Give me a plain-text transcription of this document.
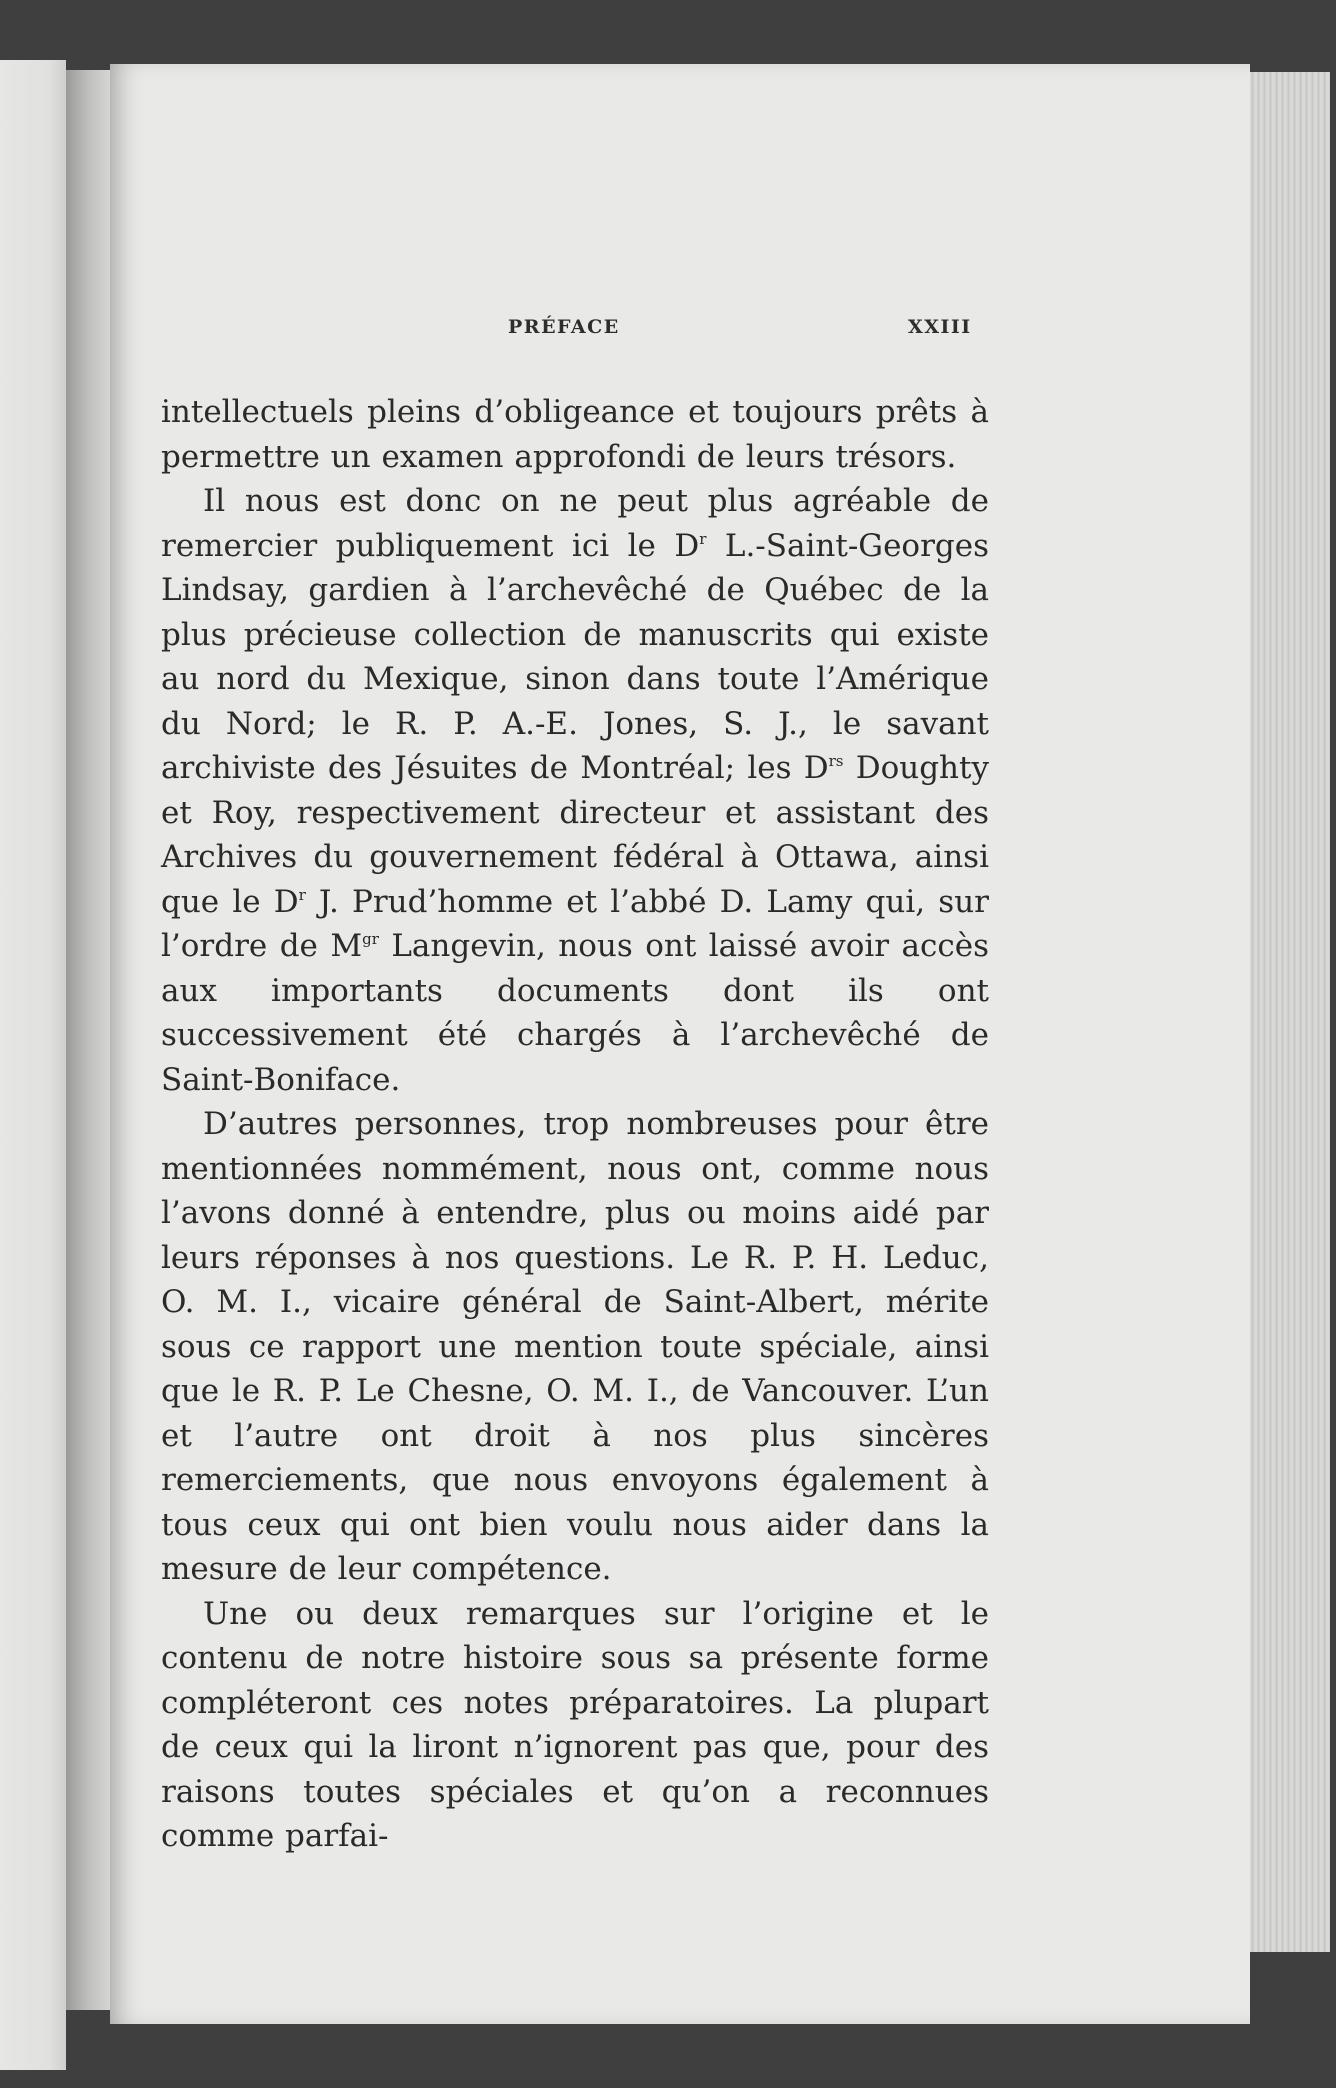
PRÉFACE	XXIII

intellectuels pleins d’obligeance et toujours prêts à permettre un examen approfondi de leurs trésors.

Il nous est donc on ne peut plus agréable de remercier publiquement ici le $D^r$ L.-Saint-Georges Lindsay, gardien à l’archevêché de Québec de la plus précieuse collection de manuscrits qui existe au nord du Mexique, sinon dans toute l’Amérique du Nord; le R. P. A.-E. Jones, S. J., le savant archiviste des Jésuites de Montréal; les $D^{rs}$ Doughty et Roy, respectivement directeur et assistant des Archives du gouvernement fédéral à Ottawa, ainsi que le $D^r$ J. Prud’homme et l’abbé D. Lamy qui, sur l’ordre de $M^{gr}$ Langevin, nous ont laissé avoir accès aux importants documents dont ils ont successivement été chargés à l’archevêché de Saint-Boniface.

D’autres personnes, trop nombreuses pour être mentionnées nommément, nous ont, comme nous l’avons donné à entendre, plus ou moins aidé par leurs réponses à nos questions. Le R. P. H. Leduc, O. M. I., vicaire général de Saint-Albert, mérite sous ce rapport une mention toute spéciale, ainsi que le R. P. Le Chesne, O. M. I., de Vancouver. L’un et l’autre ont droit à nos plus sincères remerciements, que nous envoyons également à tous ceux qui ont bien voulu nous aider dans la mesure de leur compétence.

Une ou deux remarques sur l’origine et le contenu de notre histoire sous sa présente forme compléteront ces notes préparatoires. La plupart de ceux qui la liront n’ignorent pas que, pour des raisons toutes spéciales et qu’on a reconnues comme parfai-
